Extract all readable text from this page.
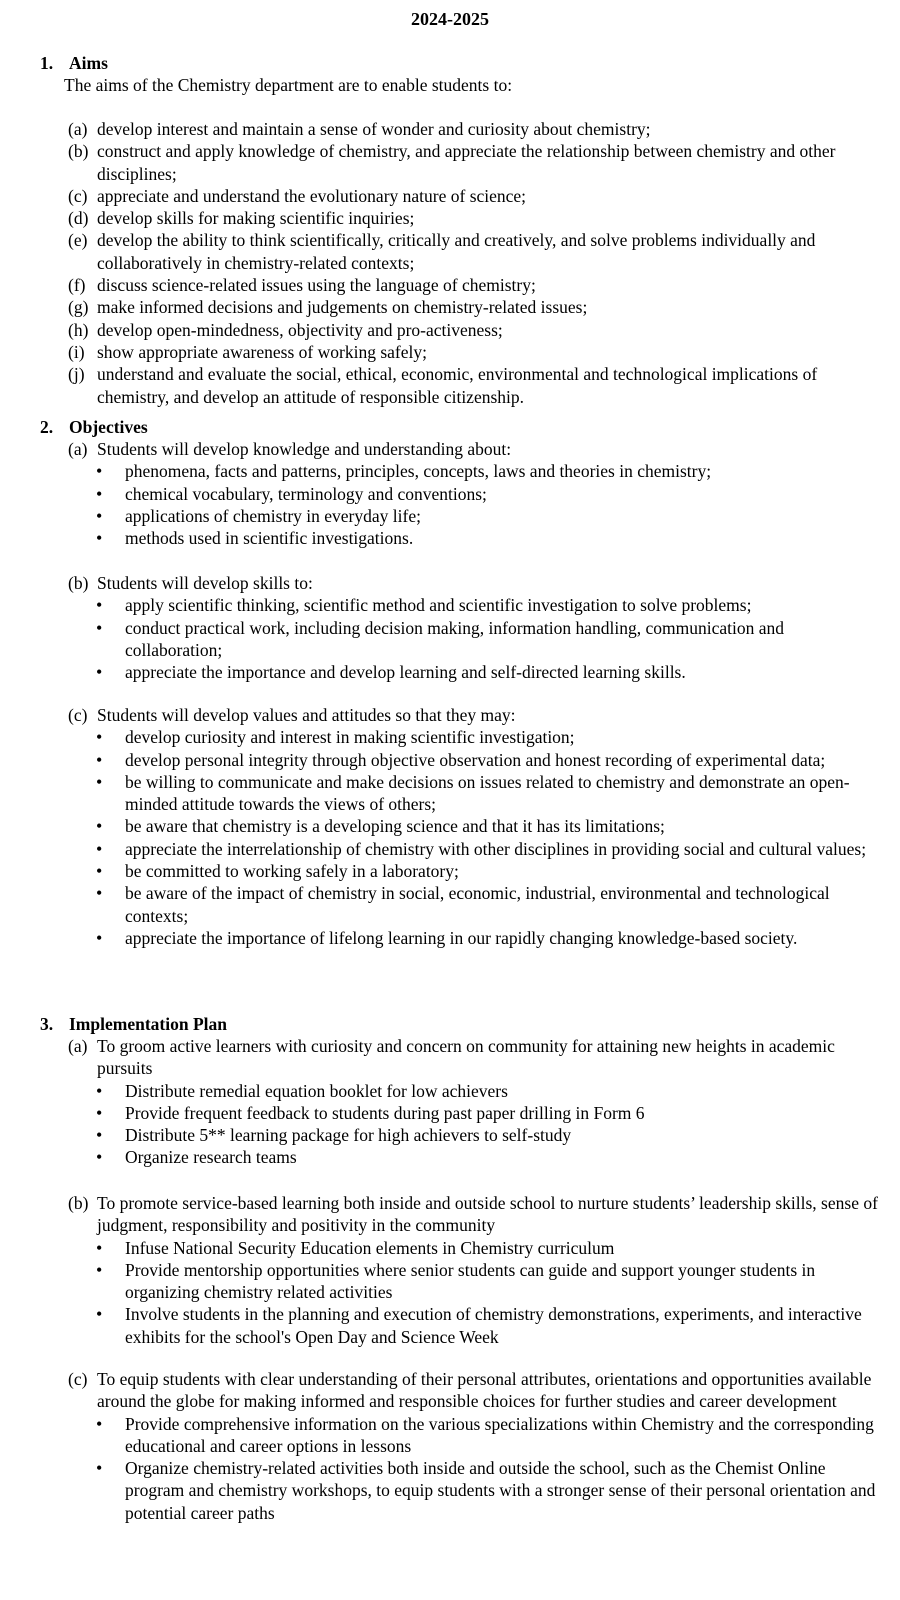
2024-2025
1. Aims
The aims of the Chemistry department are to enable students to:
(a) develop interest and maintain a sense of wonder and curiosity about chemistry;
(b) construct and apply knowledge of chemistry, and appreciate the relationship between chemistry and other disciplines;
(c) appreciate and understand the evolutionary nature of science;
(d) develop skills for making scientific inquiries;
(e) develop the ability to think scientifically, critically and creatively, and solve problems individually and collaboratively in chemistry-related contexts;
(f) discuss science-related issues using the language of chemistry;
(g) make informed decisions and judgements on chemistry-related issues;
(h) develop open-mindedness, objectivity and pro-activeness;
(i) show appropriate awareness of working safely;
(j) understand and evaluate the social, ethical, economic, environmental and technological implications of chemistry, and develop an attitude of responsible citizenship.
2. Objectives
(a) Students will develop knowledge and understanding about:
• phenomena, facts and patterns, principles, concepts, laws and theories in chemistry;
• chemical vocabulary, terminology and conventions;
• applications of chemistry in everyday life;
• methods used in scientific investigations.
(b) Students will develop skills to:
• apply scientific thinking, scientific method and scientific investigation to solve problems;
• conduct practical work, including decision making, information handling, communication and collaboration;
• appreciate the importance and develop learning and self-directed learning skills.
(c) Students will develop values and attitudes so that they may:
• develop curiosity and interest in making scientific investigation;
• develop personal integrity through objective observation and honest recording of experimental data;
• be willing to communicate and make decisions on issues related to chemistry and demonstrate an open-minded attitude towards the views of others;
• be aware that chemistry is a developing science and that it has its limitations;
• appreciate the interrelationship of chemistry with other disciplines in providing social and cultural values;
• be committed to working safely in a laboratory;
• be aware of the impact of chemistry in social, economic, industrial, environmental and technological contexts;
• appreciate the importance of lifelong learning in our rapidly changing knowledge-based society.
3. Implementation Plan
(a) To groom active learners with curiosity and concern on community for attaining new heights in academic pursuits
• Distribute remedial equation booklet for low achievers
• Provide frequent feedback to students during past paper drilling in Form 6
• Distribute 5** learning package for high achievers to self-study
• Organize research teams
(b) To promote service-based learning both inside and outside school to nurture students’ leadership skills, sense of judgment, responsibility and positivity in the community
• Infuse National Security Education elements in Chemistry curriculum
• Provide mentorship opportunities where senior students can guide and support younger students in organizing chemistry related activities
• Involve students in the planning and execution of chemistry demonstrations, experiments, and interactive exhibits for the school's Open Day and Science Week
(c) To equip students with clear understanding of their personal attributes, orientations and opportunities available around the globe for making informed and responsible choices for further studies and career development
• Provide comprehensive information on the various specializations within Chemistry and the corresponding educational and career options in lessons
• Organize chemistry-related activities both inside and outside the school, such as the Chemist Online program and chemistry workshops, to equip students with a stronger sense of their personal orientation and potential career paths
